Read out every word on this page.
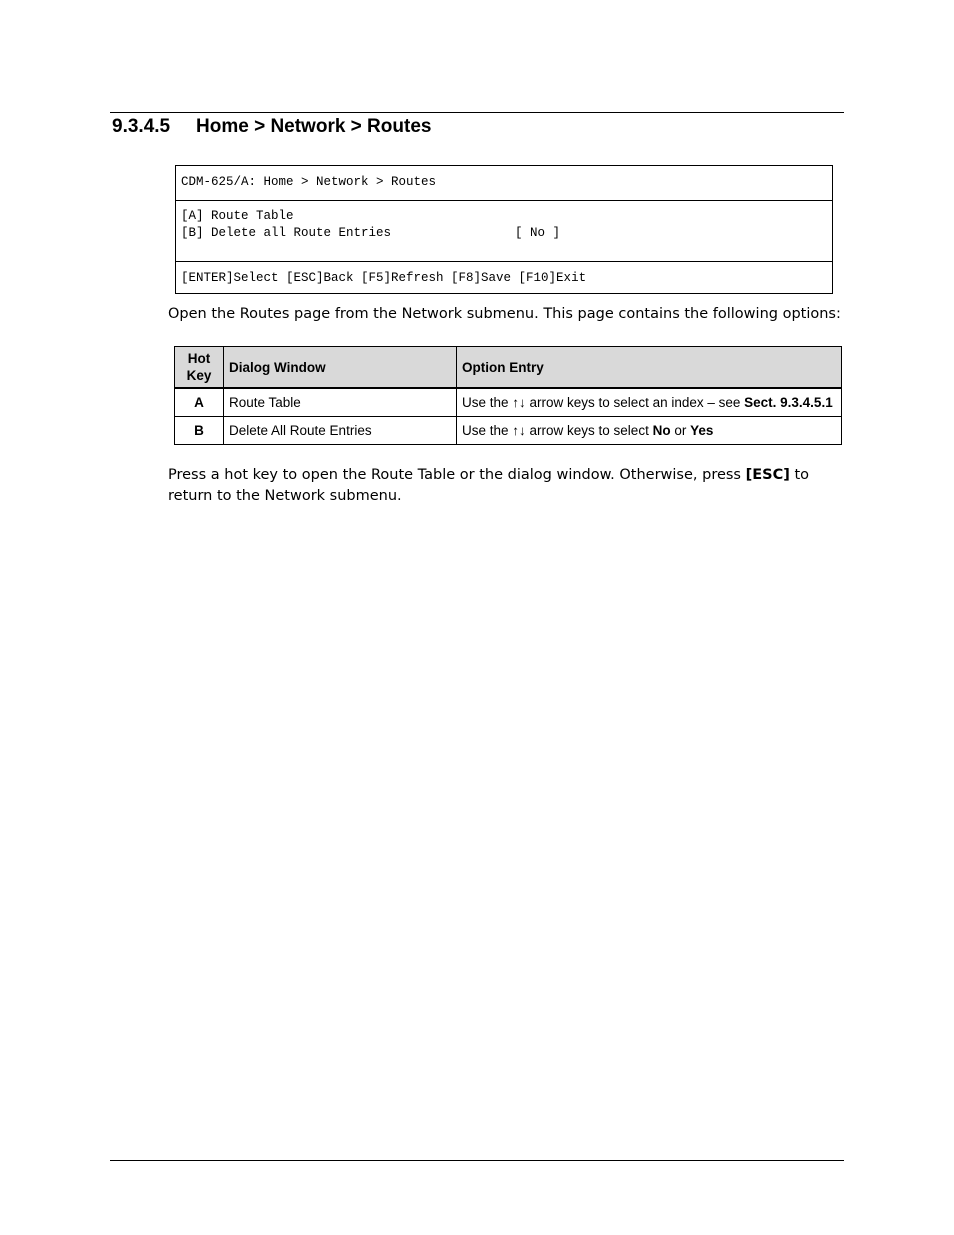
9.3.4.5	Home > Network > Routes
CDM-625/A: Home > Network > Routes
[A] Route Table
[B] Delete all Route Entries	[ No ]
[ENTER]Select [ESC]Back [F5]Refresh [F8]Save [F10]Exit
Open the Routes page from the Network submenu. This page contains the following options:
Hot
Key	Dialog Window	Option Entry
A	Route Table	Use the ↑↓ arrow keys to select an index – see Sect. 9.3.4.5.1
B	Delete All Route Entries	Use the ↑↓ arrow keys to select No or Yes
Press a hot key to open the Route Table or the dialog window. Otherwise, press [ESC] to return to the Network submenu.
